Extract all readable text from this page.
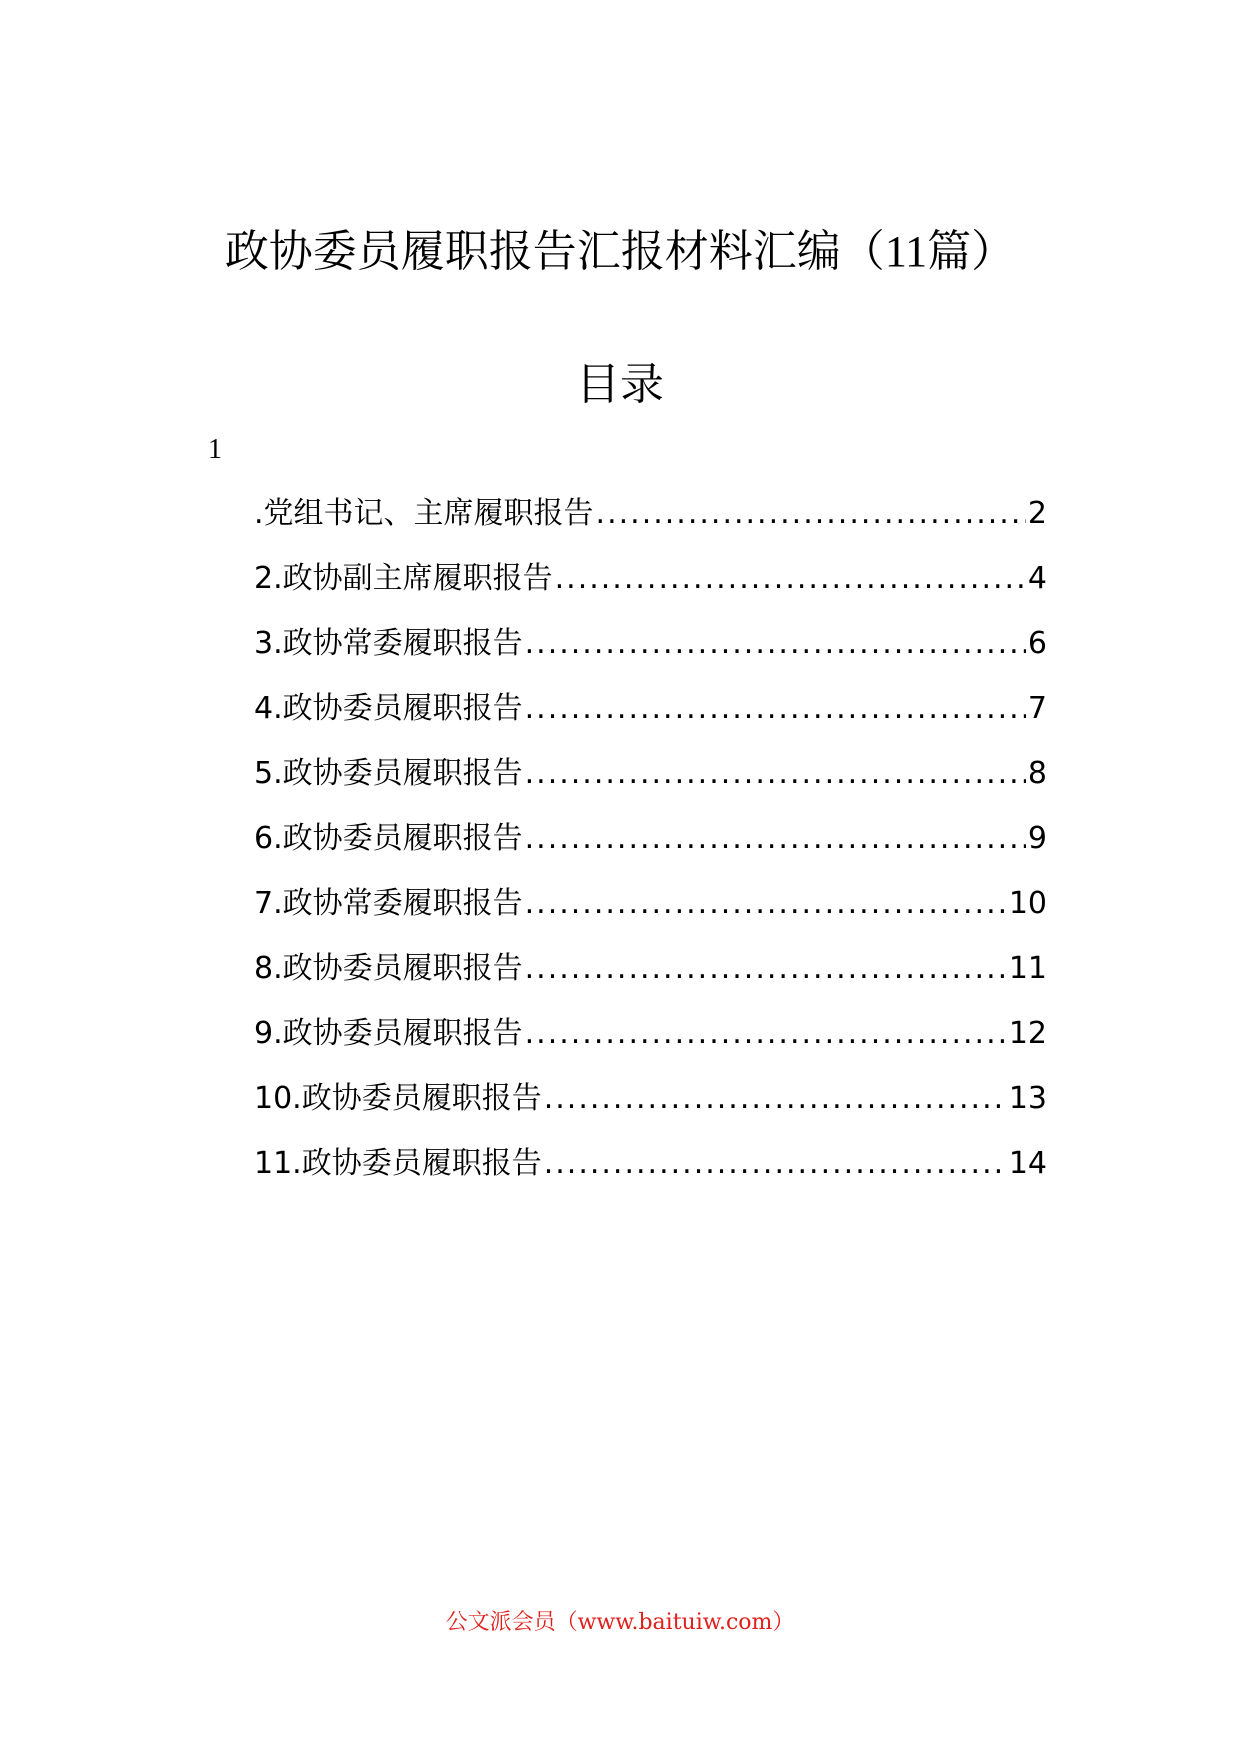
政协委员履职报告汇报材料汇编（11篇）
目录
1
.党组书记、主席履职报告 .....	2
2.政协副主席履职报告 .....	4
3.政协常委履职报告 .....	6
4.政协委员履职报告 .....	7
5.政协委员履职报告 .....	8
6.政协委员履职报告 .....	9
7.政协常委履职报告 .....	10
8.政协委员履职报告 .....	11
9.政协委员履职报告 .....	12
10.政协委员履职报告 .....	13
11.政协委员履职报告 .....	14
公文派会员（www.baituiw.com）
